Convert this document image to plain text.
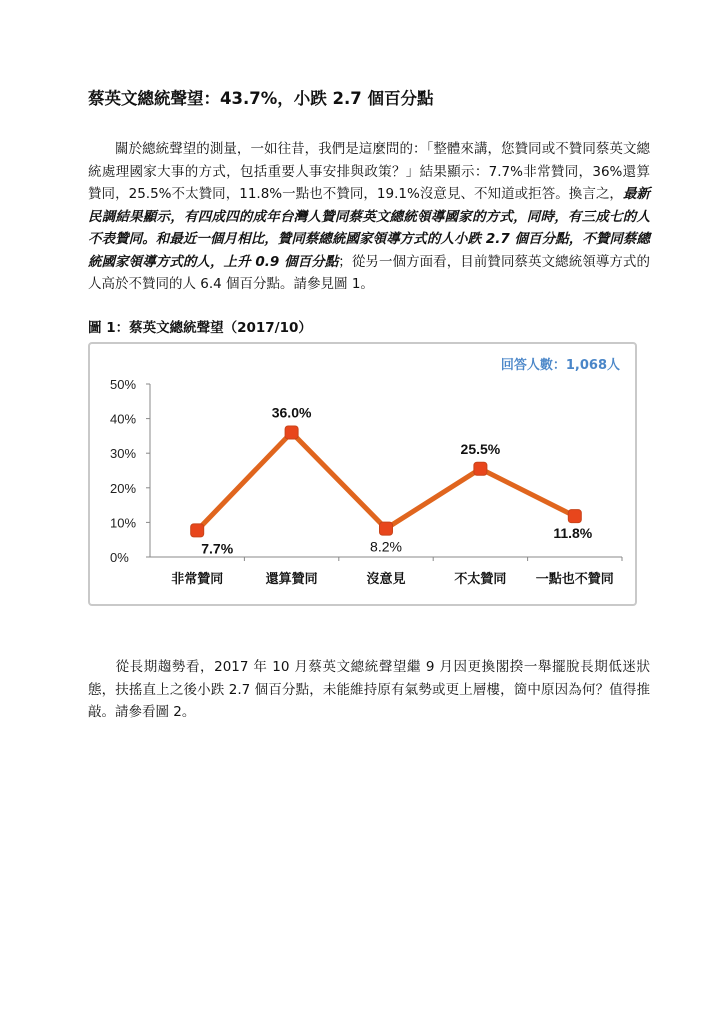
蔡英文總統聲望：43.7%，小跌 2.7 個百分點
關於總統聲望的測量，一如往昔，我們是這麼問的：「整體來講，您贊同或不贊同蔡英文總統處理國家大事的方式，包括重要人事安排與政策？」結果顯示：7.7%非常贊同，36%還算贊同，25.5%不太贊同，11.8%一點也不贊同，19.1%沒意見、不知道或拒答。換言之，最新民調結果顯示，有四成四的成年台灣人贊同蔡英文總統領導國家的方式，同時，有三成七的人不表贊同。和最近一個月相比，贊同蔡總統國家領導方式的人小跌 2.7 個百分點，不贊同蔡總統國家領導方式的人，上升 0.9 個百分點；從另一個方面看，目前贊同蔡英文總統領導方式的人高於不贊同的人 6.4 個百分點。請參見圖 1。
圖 1：蔡英文總統聲望（2017/10）
回答人數：1,068人
0%
10%
20%
30%
40%
50%
非常贊同	還算贊同	沒意見	不太贊同 一點也不贊同
7.7%
36.0%
8.2%
25.5%
11.8%
從長期趨勢看，2017 年 10 月蔡英文總統聲望繼 9 月因更換閣揆一舉擺脫長期低迷狀態，扶搖直上之後小跌 2.7 個百分點，未能維持原有氣勢或更上層樓，箇中原因為何？值得推敲。請參看圖 2。
